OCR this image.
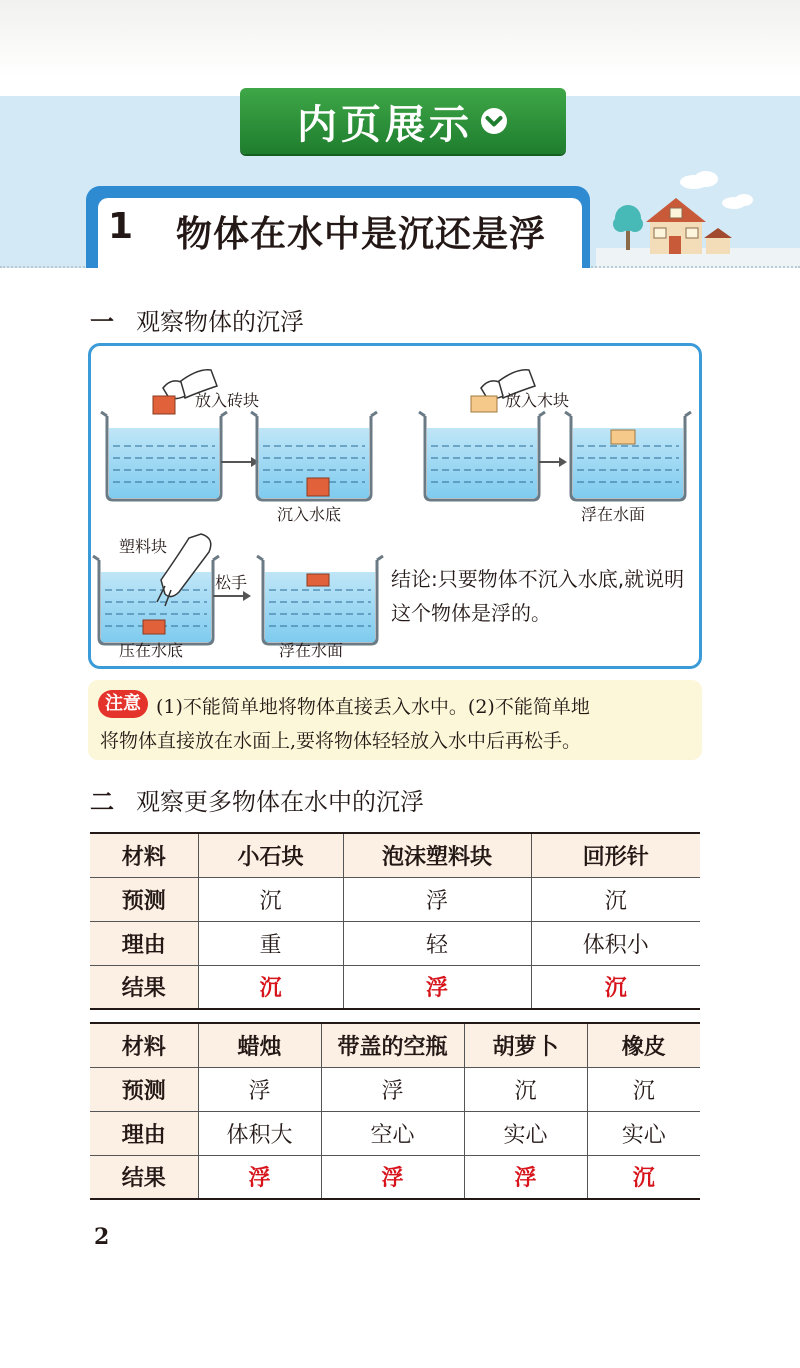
内页展示
1 物体在水中是沉还是浮
一 观察物体的沉浮
放入砖块
沉入水底
放入木块
浮在水面
塑料块
松手
压在水底	浮在水面
结论:只要物体不沉入水底,就说明这个物体是浮的。
注意 (1)不能简单地将物体直接丢入水中。(2)不能简单地
将物体直接放在水面上,要将物体轻轻放入水中后再松手。
二 观察更多物体在水中的沉浮
材料	小石块	泡沫塑料块	回形针
预测	沉	浮	沉
理由	重	轻	体积小
结果	沉	浮	沉
材料	蜡烛	带盖的空瓶	胡萝卜	橡皮
预测	浮	浮	沉	沉
理由	体积大	空心	实心	实心
结果	浮	浮	浮	沉
2
